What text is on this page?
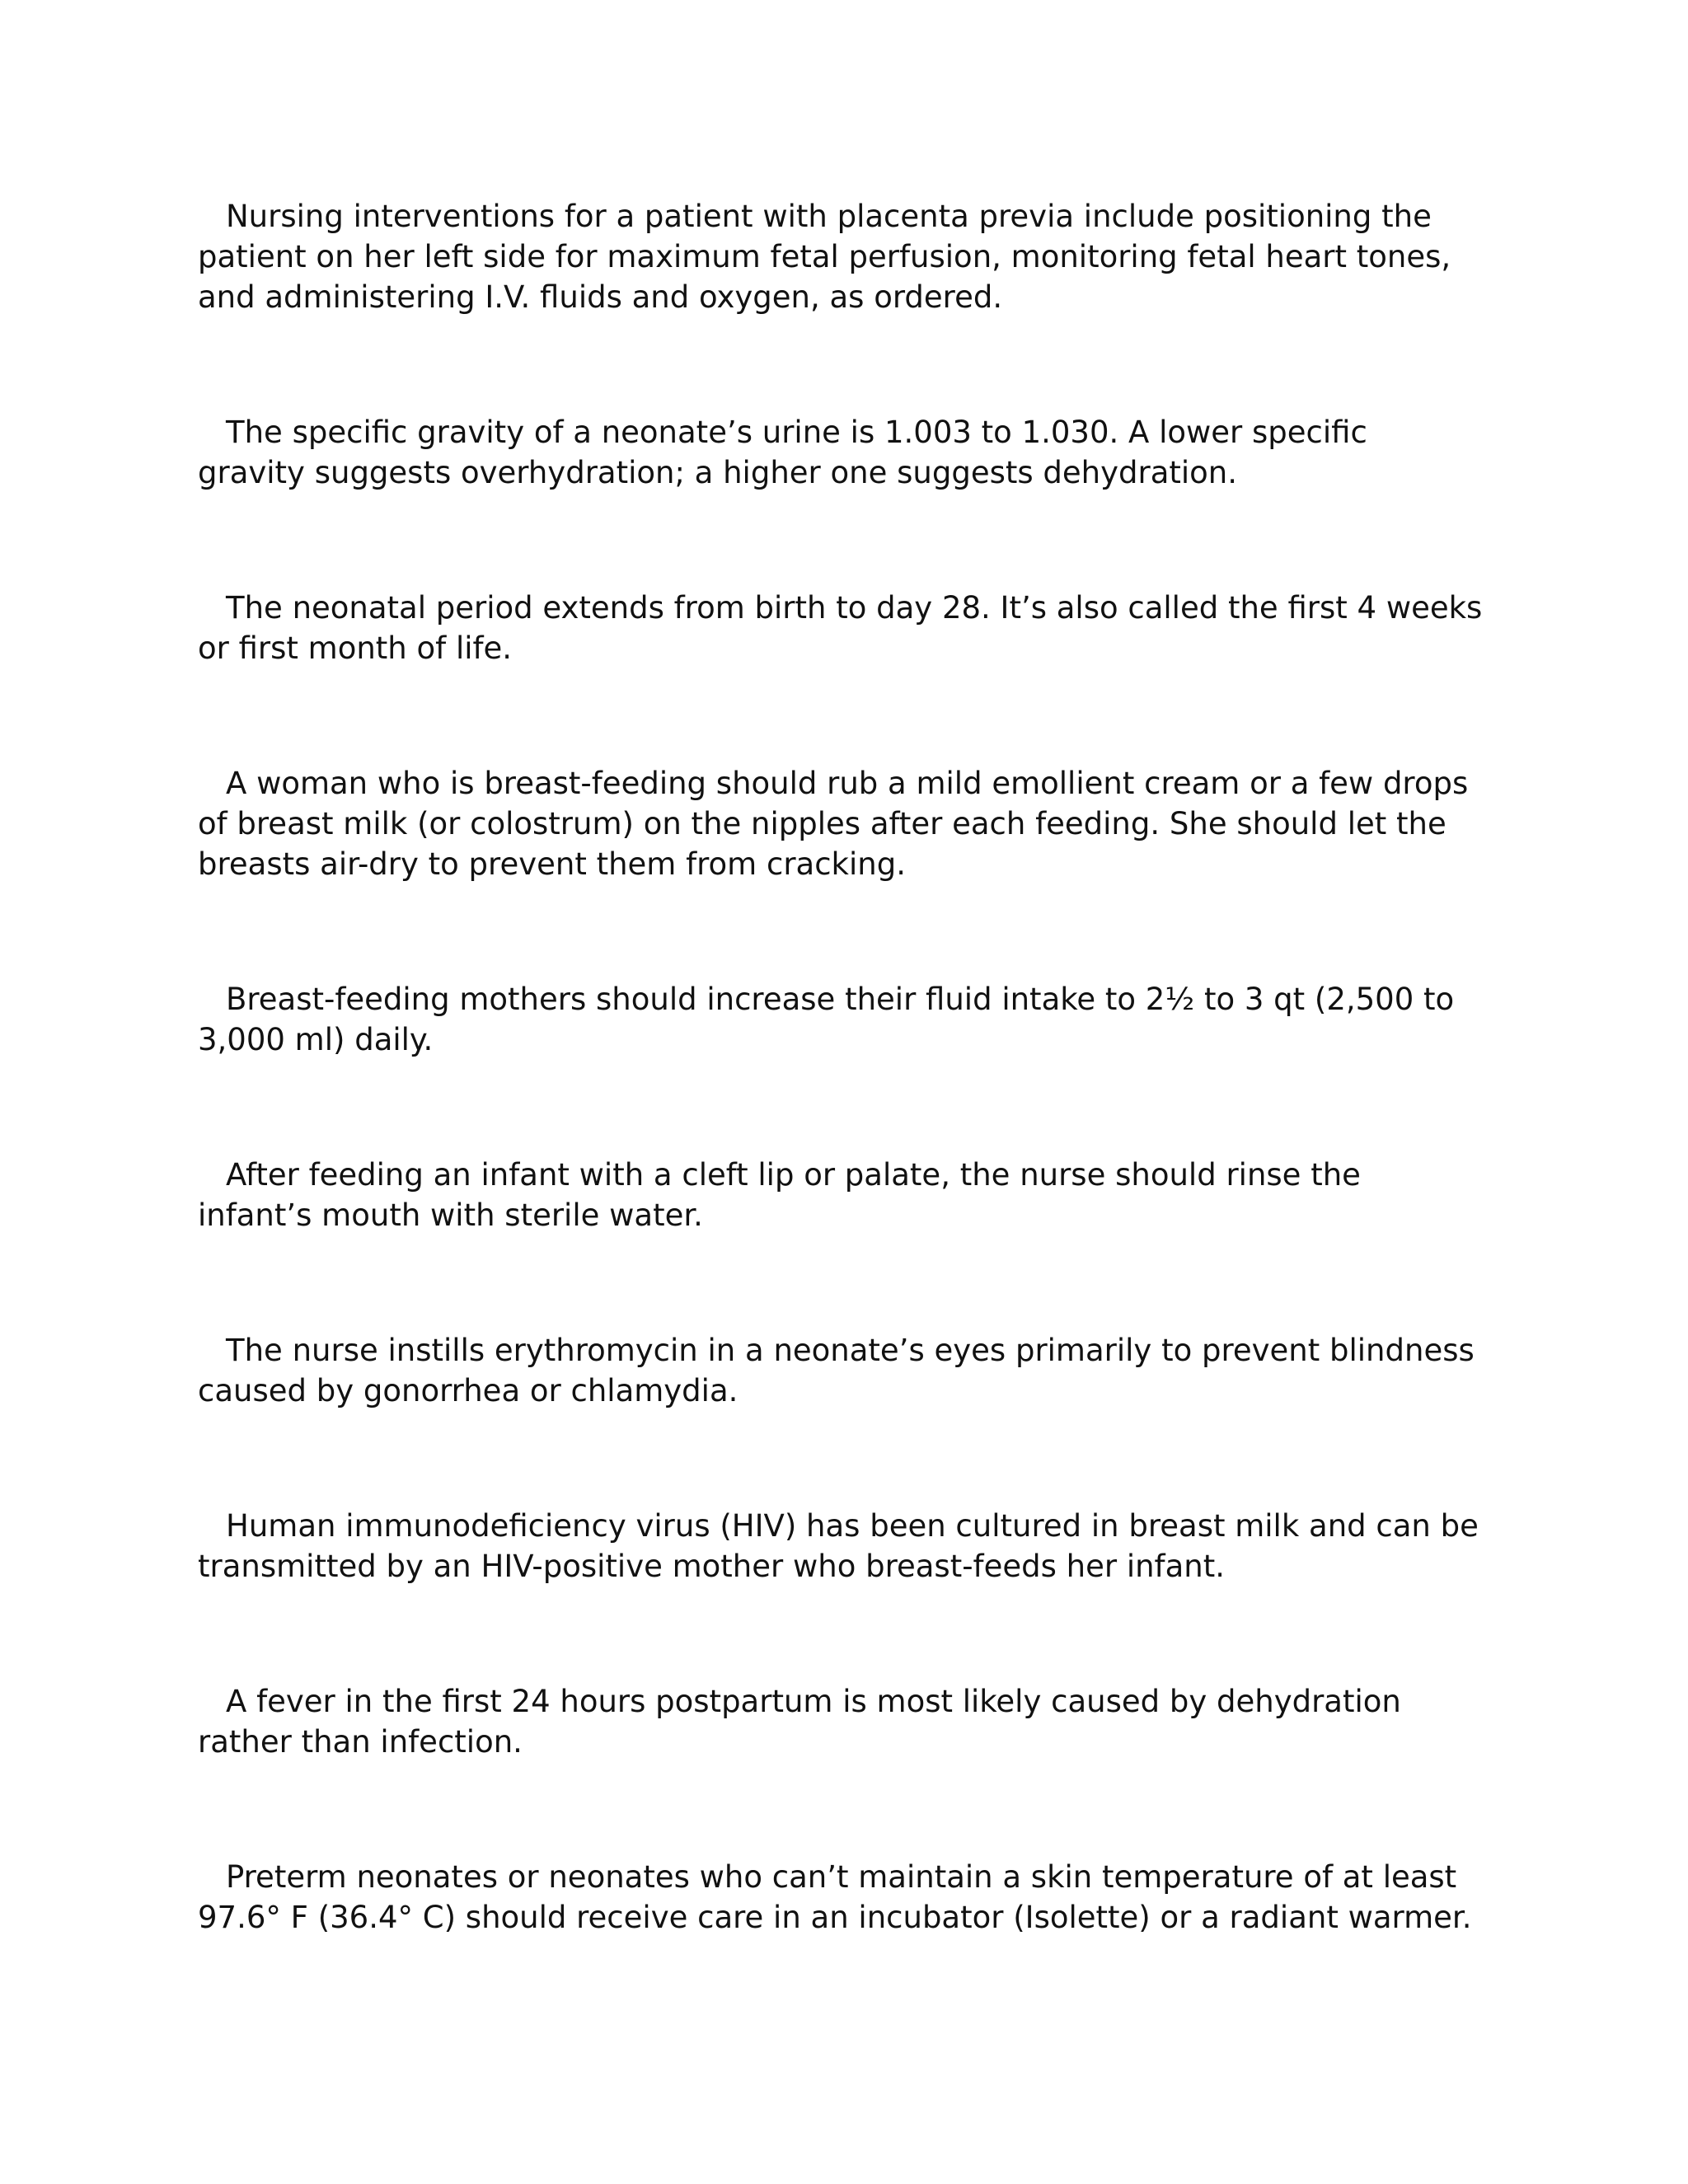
Nursing interventions for a patient with placenta previa include positioning the patient on her left side for maximum fetal perfusion, monitoring fetal heart tones, and administering I.V. fluids and oxygen, as ordered.

The specific gravity of a neonate’s urine is 1.003 to 1.030. A lower specific gravity suggests overhydration; a higher one suggests dehydration.

The neonatal period extends from birth to day 28. It’s also called the first 4 weeks or first month of life.

A woman who is breast-feeding should rub a mild emollient cream or a few drops of breast milk (or colostrum) on the nipples after each feeding. She should let the breasts air-dry to prevent them from cracking.

Breast-feeding mothers should increase their fluid intake to 2½ to 3 qt (2,500 to 3,000 ml) daily.

After feeding an infant with a cleft lip or palate, the nurse should rinse the infant’s mouth with sterile water.

The nurse instills erythromycin in a neonate’s eyes primarily to prevent blindness caused by gonorrhea or chlamydia.

Human immunodeficiency virus (HIV) has been cultured in breast milk and can be transmitted by an HIV-positive mother who breast-feeds her infant.

A fever in the first 24 hours postpartum is most likely caused by dehydration rather than infection.

Preterm neonates or neonates who can’t maintain a skin temperature of at least 97.6° F (36.4° C) should receive care in an incubator (Isolette) or a radiant warmer.
